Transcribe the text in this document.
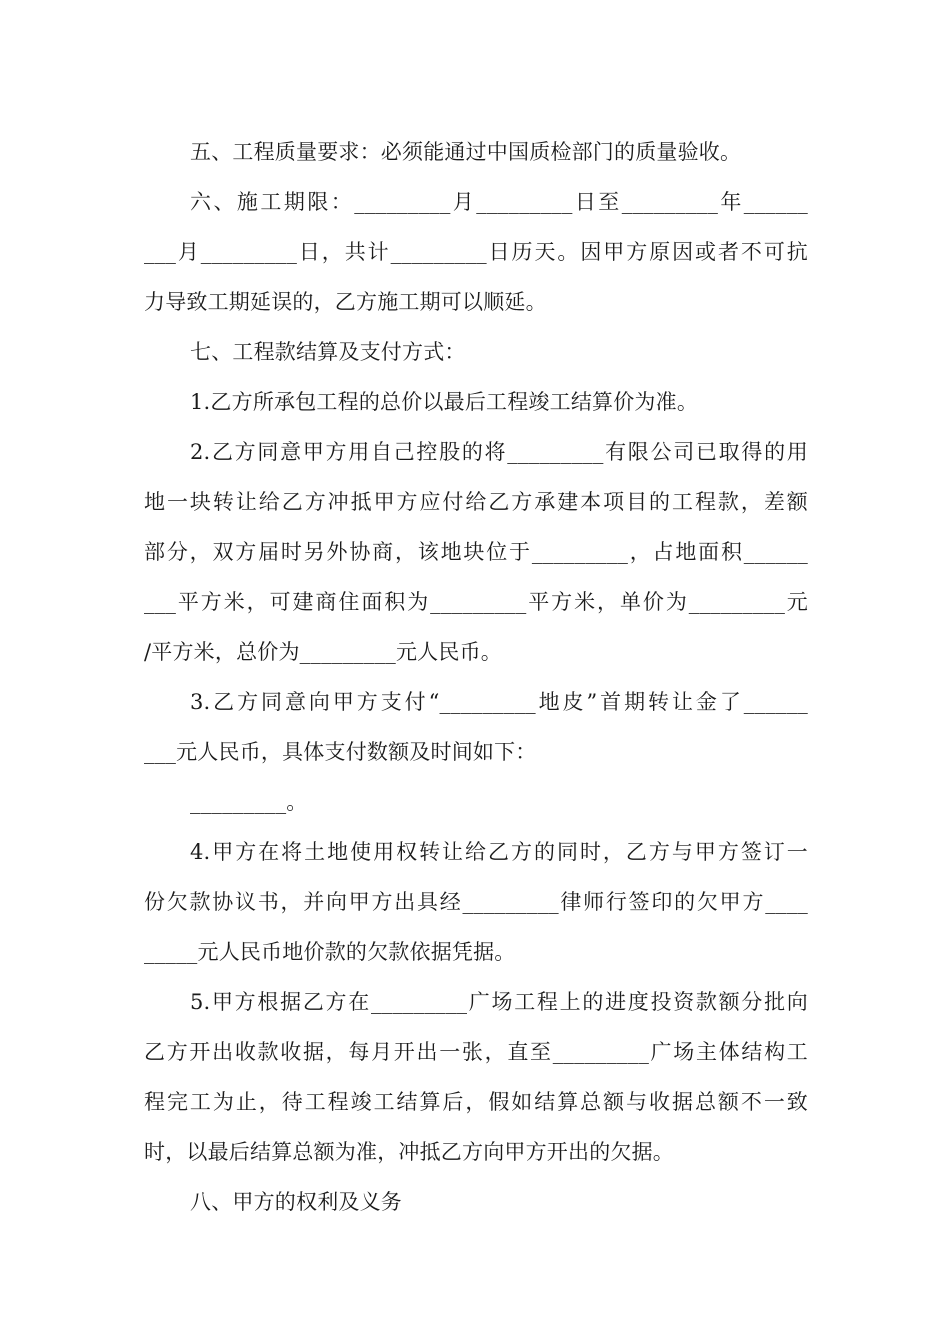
五、工程质量要求：必须能通过中国质检部门的质量验收。
六、施工期限：_________月_________日至_________年______
___月_________日，共计_________日历天。因甲方原因或者不可抗
力导致工期延误的，乙方施工期可以顺延。
七、工程款结算及支付方式：
1.乙方所承包工程的总价以最后工程竣工结算价为准。
2.乙方同意甲方用自己控股的将_________有限公司已取得的用
地一块转让给乙方冲抵甲方应付给乙方承建本项目的工程款，差额
部分，双方届时另外协商，该地块位于_________，占地面积______
___平方米，可建商住面积为_________平方米，单价为_________元
/平方米，总价为_________元人民币。
3.乙方同意向甲方支付“_________地皮”首期转让金了______
___元人民币，具体支付数额及时间如下：
_________。
4.甲方在将土地使用权转让给乙方的同时，乙方与甲方签订一
份欠款协议书，并向甲方出具经_________律师行签印的欠甲方____
_____元人民币地价款的欠款依据凭据。
5.甲方根据乙方在_________广场工程上的进度投资款额分批向
乙方开出收款收据，每月开出一张，直至_________广场主体结构工
程完工为止，待工程竣工结算后，假如结算总额与收据总额不一致
时，以最后结算总额为准，冲抵乙方向甲方开出的欠据。
八、甲方的权利及义务
